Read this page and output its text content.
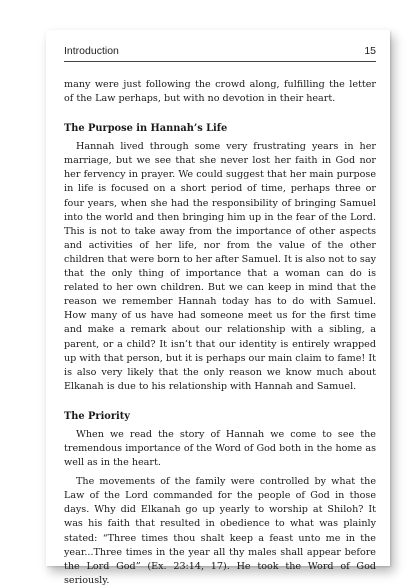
Introduction	15

many were just following the crowd along, fulfilling the letter of the Law perhaps, but with no devotion in their heart.

The Purpose in Hannah’s Life

Hannah lived through some very frustrating years in her marriage, but we see that she never lost her faith in God nor her fervency in prayer. We could suggest that her main purpose in life is focused on a short period of time, perhaps three or four years, when she had the responsibility of bringing Samuel into the world and then bringing him up in the fear of the Lord. This is not to take away from the importance of other aspects and activities of her life, nor from the value of the other children that were born to her after Samuel. It is also not to say that the only thing of importance that a woman can do is related to her own children. But we can keep in mind that the reason we remember Hannah today has to do with Samuel. How many of us have had someone meet us for the first time and make a remark about our relationship with a sibling, a parent, or a child? It isn’t that our identity is entirely wrapped up with that person, but it is perhaps our main claim to fame! It is also very likely that the only reason we know much about Elkanah is due to his relationship with Hannah and Samuel.

The Priority

When we read the story of Hannah we come to see the tremendous importance of the Word of God both in the home as well as in the heart.

The movements of the family were controlled by what the Law of the Lord commanded for the people of God in those days. Why did Elkanah go up yearly to worship at Shiloh? It was his faith that resulted in obedience to what was plainly stated: “Three times thou shalt keep a feast unto me in the year...Three times in the year all thy males shall appear before the Lord God” (Ex. 23:14, 17). He took the Word of God seriously.
